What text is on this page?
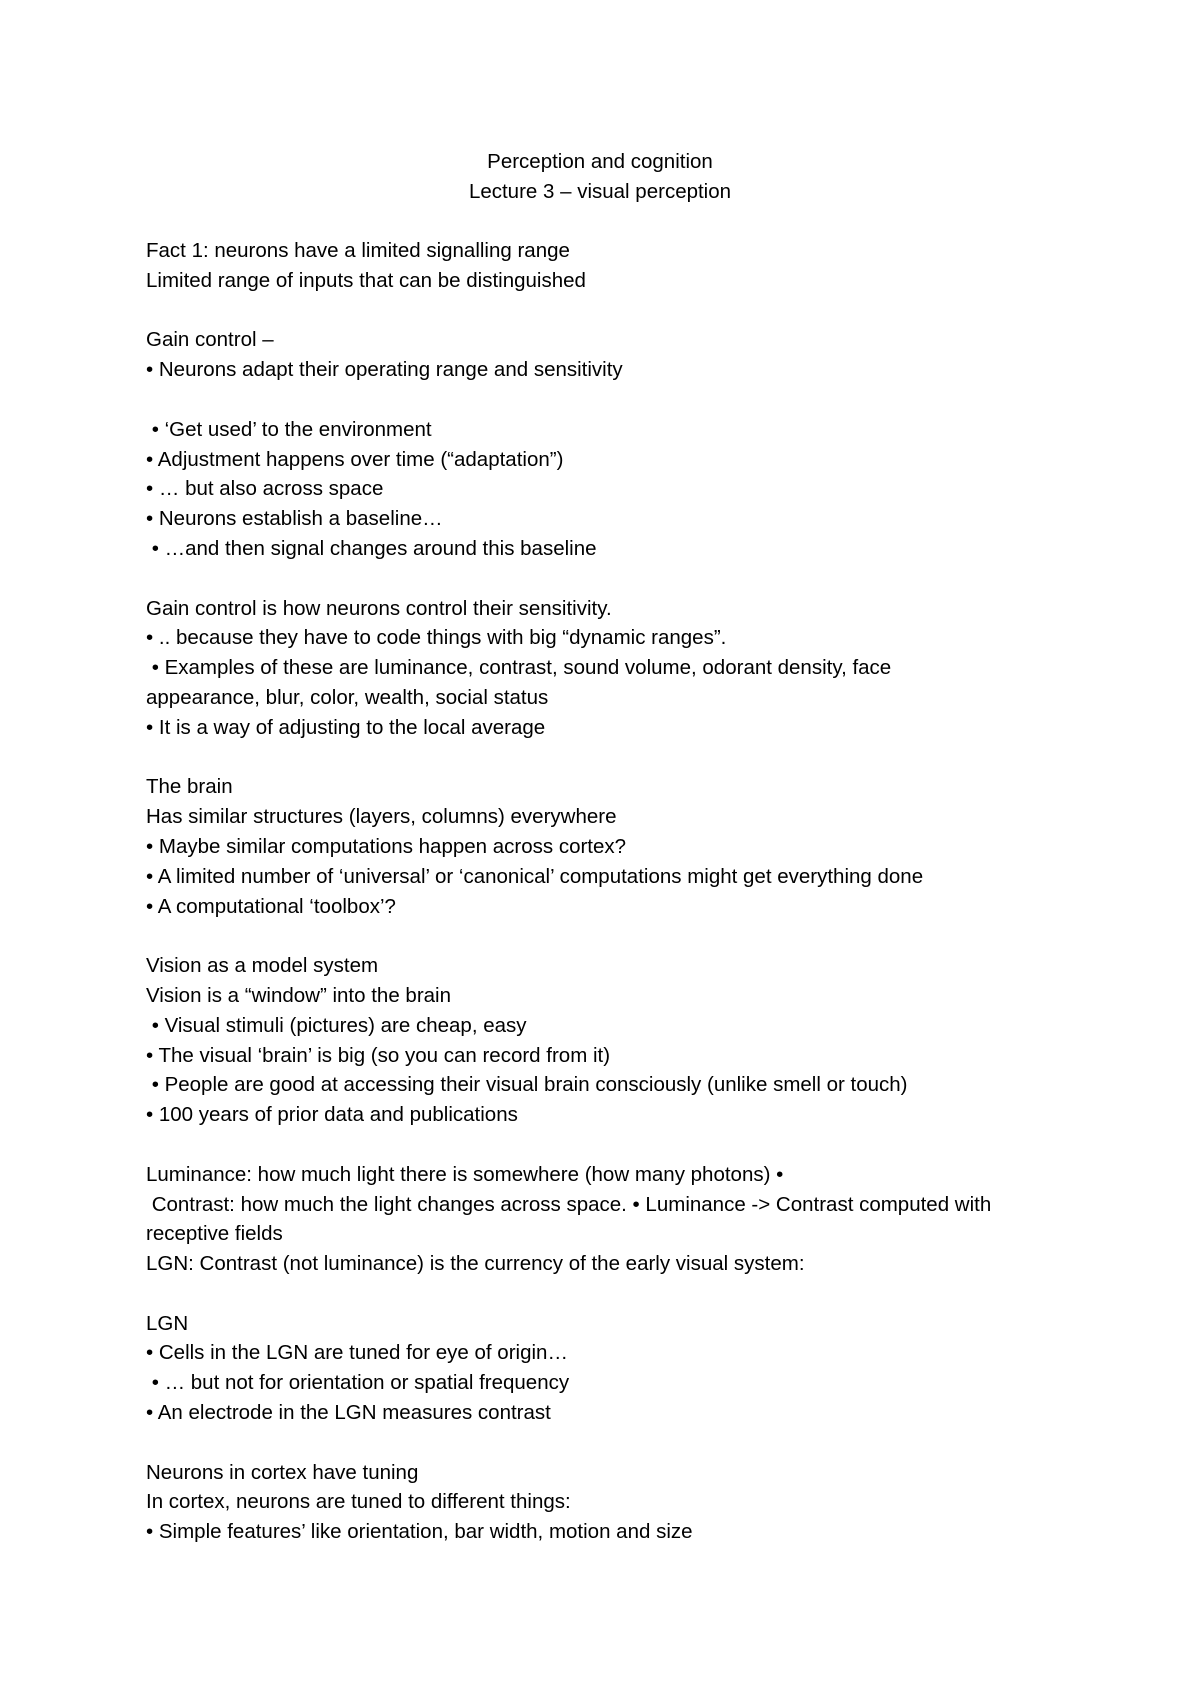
Perception and cognition
Lecture 3 – visual perception
Fact 1: neurons have a limited signalling range
Limited range of inputs that can be distinguished
Gain control –
• Neurons adapt their operating range and sensitivity
• ‘Get used’ to the environment
• Adjustment happens over time (“adaptation”)
• … but also across space
• Neurons establish a baseline…
• …and then signal changes around this baseline
Gain control is how neurons control their sensitivity.
• .. because they have to code things with big “dynamic ranges”.
• Examples of these are luminance, contrast, sound volume, odorant density, face
appearance, blur, color, wealth, social status
• It is a way of adjusting to the local average
The brain
Has similar structures (layers, columns) everywhere
• Maybe similar computations happen across cortex?
• A limited number of ‘universal’ or ‘canonical’ computations might get everything done
• A computational ‘toolbox’?
Vision as a model system
Vision is a “window” into the brain
• Visual stimuli (pictures) are cheap, easy
• The visual ‘brain’ is big (so you can record from it)
• People are good at accessing their visual brain consciously (unlike smell or touch)
• 100 years of prior data and publications
Luminance: how much light there is somewhere (how many photons) •
Contrast: how much the light changes across space. • Luminance -> Contrast computed with
receptive fields
LGN: Contrast (not luminance) is the currency of the early visual system:
LGN
• Cells in the LGN are tuned for eye of origin…
• … but not for orientation or spatial frequency
• An electrode in the LGN measures contrast
Neurons in cortex have tuning
In cortex, neurons are tuned to different things:
• Simple features’ like orientation, bar width, motion and size
